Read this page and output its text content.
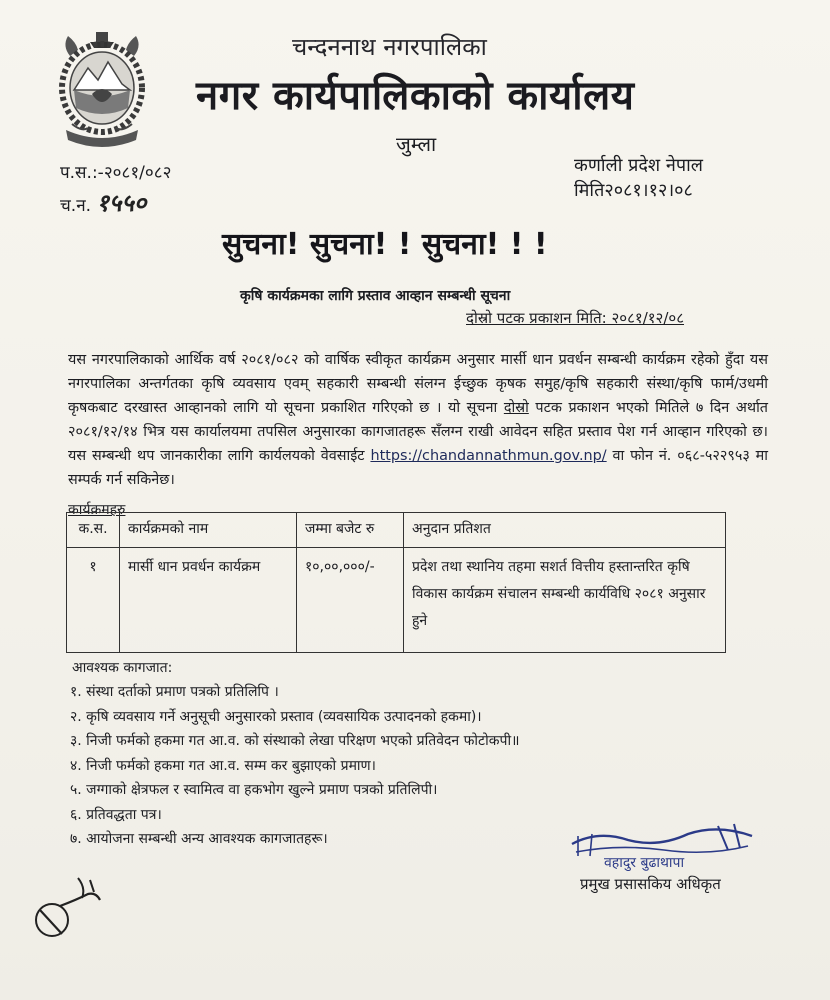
चन्दननाथ नगरपालिका
नगर कार्यपालिकाको कार्यालय
जुम्ला
प.स.:-२०८१/०८२
च.न. १५५०
कर्णाली प्रदेश नेपाल
मिति२०८१।१२।०८
सुचना! सुचना! ! सुचना! ! !
कृषि कार्यक्रमका लागि प्रस्ताव आव्हान सम्बन्धी सूचना
दोस्रो पटक प्रकाशन मिति: २०८१/१२/०८

यस नगरपालिकाको आर्थिक वर्ष २०८१/०८२ को वार्षिक स्वीकृत कार्यक्रम अनुसार मार्सी धान प्रवर्धन सम्बन्धी कार्यक्रम रहेको हुँदा यस नगरपालिका अन्तर्गतका कृषि व्यवसाय एवम् सहकारी सम्बन्धी संलग्न ईच्छुक कृषक समुह/कृषि सहकारी संस्था/कृषि फार्म/उधमी कृषकबाट दरखास्त आव्हानको लागि यो सूचना प्रकाशित गरिएको छ । यो सूचना दोस्रो पटक प्रकाशन भएको मितिले ७ दिन अर्थात २०८१/१२/१४ भित्र यस कार्यालयमा तपसिल अनुसारका कागजातहरू सँलग्न राखी आवेदन सहित प्रस्ताव पेश गर्न आव्हान गरिएको छ। यस सम्बन्धी थप जानकारीका लागि कार्यलयको वेवसाईट https://chandannathmun.gov.np/ वा फोन नं. ०६८-५२२९५३ मा सम्पर्क गर्न सकिनेछ।

कार्यक्रमहरु
क.स.	कार्यक्रमको नाम	जम्मा बजेट रु	अनुदान प्रतिशत
१	मार्सी धान प्रवर्धन कार्यक्रम	१०,००,०००/-	प्रदेश तथा स्थानिय तहमा सशर्त वित्तीय हस्तान्तरित कृषि विकास कार्यक्रम संचालन सम्बन्धी कार्यविधि २०८१ अनुसार हुने
आवश्यक कागजात:
१. संस्था दर्ताको प्रमाण पत्रको प्रतिलिपि ।
२. कृषि व्यवसाय गर्ने अनुसूची अनुसारको प्रस्ताव (व्यवसायिक उत्पादनको हकमा)।
३. निजी फर्मको हकमा गत आ.व. को संस्थाको लेखा परिक्षण भएको प्रतिवेदन फोटोकपी॥
४. निजी फर्मको हकमा गत आ.व. सम्म कर बुझाएको प्रमाण।
५. जग्गाको क्षेत्रफल र स्वामित्व वा हकभोग खुल्ने प्रमाण पत्रको प्रतिलिपी।
६. प्रतिवद्धता पत्र।
७. आयोजना सम्बन्धी अन्य आवश्यक कागजातहरू।
वहादुर बुढाथापा
प्रमुख प्रसासकिय अधिकृत
